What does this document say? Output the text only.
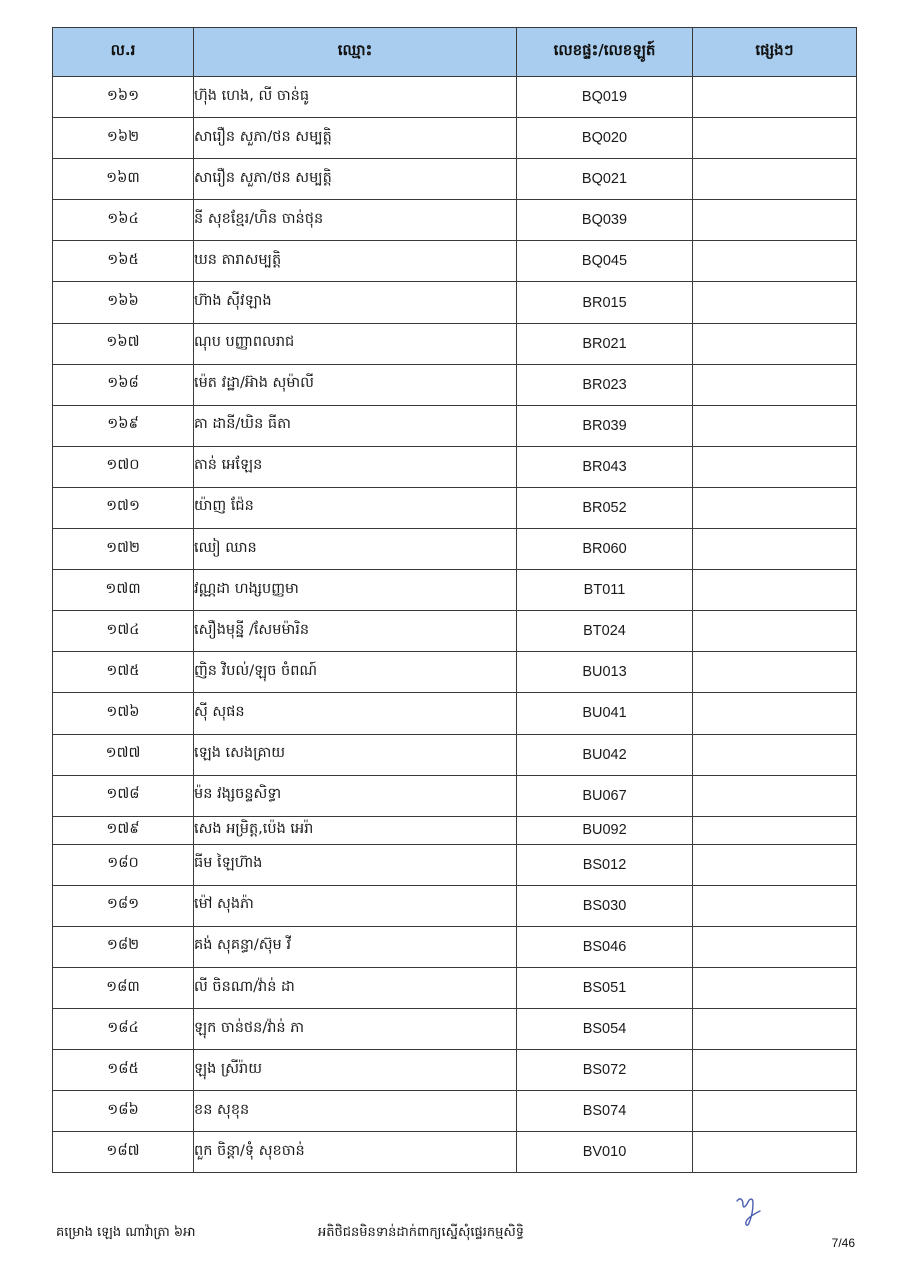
ល.រ	ឈ្មោះ	លេខផ្ទះ/លេខឡូត៍	ផ្សេងៗ
១៦១	ហ៊ុង ហេង, លី ចាន់ធូ	BQ019	
១៦២	សារឿន សួភា/ថន សម្បត្តិ	BQ020	
១៦៣	សារឿន សួភា/ថន សម្បត្តិ	BQ021	
១៦៤	នី សុខខ្មែរ/ហិន ចាន់ថុន	BQ039	
១៦៥	ឃន តារាសម្បត្តិ	BQ045	
១៦៦	ហ៊ាង ស៊ីវឡាង	BR015	
១៦៧	ណុប បញ្ញាពលរាជ	BR021	
១៦៨	ម៉េត វដ្ឋា/អ៊ាង សុម៉ាលី	BR023	
១៦៩	គា ដានី/ឃិន ធីតា	BR039	
១៧០	តាន់ អេឡែន	BR043	
១៧១	យ៉ាញ ជ៉ែន	BR052	
១៧២	ឈៀ ឈាន	BR060	
១៧៣	វណ្ណដា ហង្សបញ្ញមា	BT011	
១៧៤	សឿងមុន្នី /សែមម៉ារិន	BT024	
១៧៥	ញិន វិបល់/ឡុច ចំពណ៍	BU013	
១៧៦	ស៊ី សុផន	BU041	
១៧៧	ឡេង សេងគ្រាយ	BU042	
១៧៨	ម៉ន វង្សចន្ទសិទ្ធា	BU067	
១៧៩	សេង អម្រិត្ត,ប៉េង អេរ៉ា	BU092	
១៨០	ធីម ឡៃហ៊ាង	BS012	
១៨១	ម៉ៅ សុងភ៉ា	BS030	
១៨២	គង់ សុគន្ធា/ស៊ុម វី	BS046	
១៨៣	លី ចិនណា/វ៉ាន់ ដា	BS051	
១៨៤	ឡុក ចាន់ថន/វ៉ាន់ ភា	BS054	
១៨៥	ឡុង ស្រីរ៉ាយ	BS072	
១៨៦	ខន សុខុន	BS074	
១៨៧	ពួក ចិន្តា/ទុំ សុខចាន់	BV010	
គម្រោង ឡេង ណាវ៉ាត្រា ៦អា	អតិថិជនមិនទាន់ដាក់ពាក្យស្នើសុំផ្ទេរកម្មសិទ្ធិ
7/46
